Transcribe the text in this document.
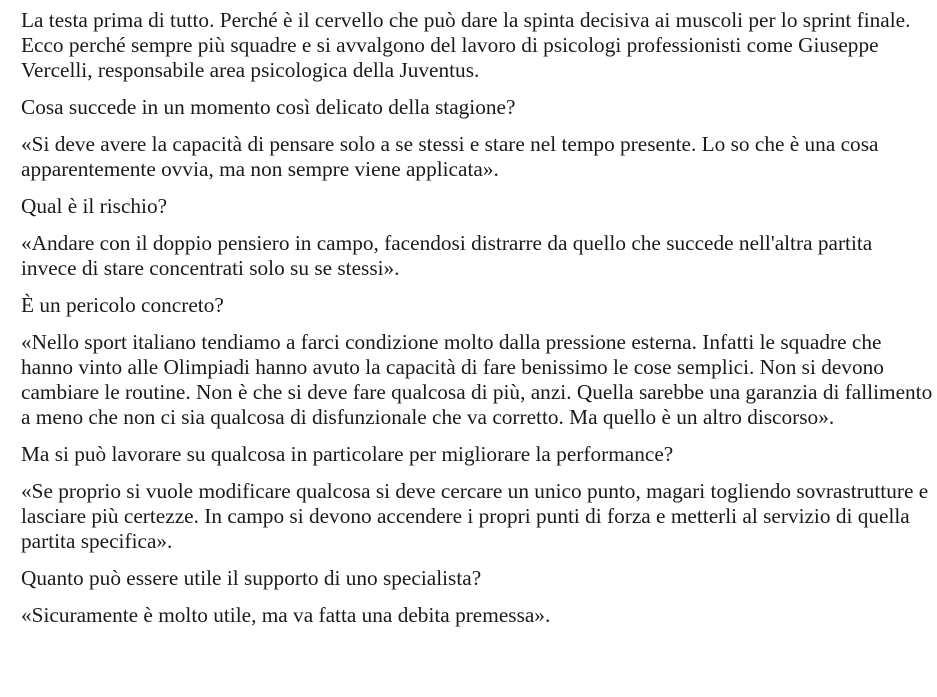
La testa prima di tutto. Perché è il cervello che può dare la spinta decisiva ai muscoli per lo sprint finale. Ecco perché sempre più squadre e si avvalgono del lavoro di psicologi professionisti come Giuseppe Vercelli, responsabile area psicologica della Juventus.

Cosa succede in un momento così delicato della stagione?

«Si deve avere la capacità di pensare solo a se stessi e stare nel tempo presente. Lo so che è una cosa apparentemente ovvia, ma non sempre viene applicata».

Qual è il rischio?

«Andare con il doppio pensiero in campo, facendosi distrarre da quello che succede nell'altra partita invece di stare concentrati solo su se stessi».

È un pericolo concreto?

«Nello sport italiano tendiamo a farci condizione molto dalla pressione esterna. Infatti le squadre che hanno vinto alle Olimpiadi hanno avuto la capacità di fare benissimo le cose semplici. Non si devono cambiare le routine. Non è che si deve fare qualcosa di più, anzi. Quella sarebbe una garanzia di fallimento a meno che non ci sia qualcosa di disfunzionale che va corretto. Ma quello è un altro discorso».

Ma si può lavorare su qualcosa in particolare per migliorare la performance?

«Se proprio si vuole modificare qualcosa si deve cercare un unico punto, magari togliendo sovrastrutture e lasciare più certezze. In campo si devono accendere i propri punti di forza e metterli al servizio di quella partita specifica».

Quanto può essere utile il supporto di uno specialista?

«Sicuramente è molto utile, ma va fatta una debita premessa».
